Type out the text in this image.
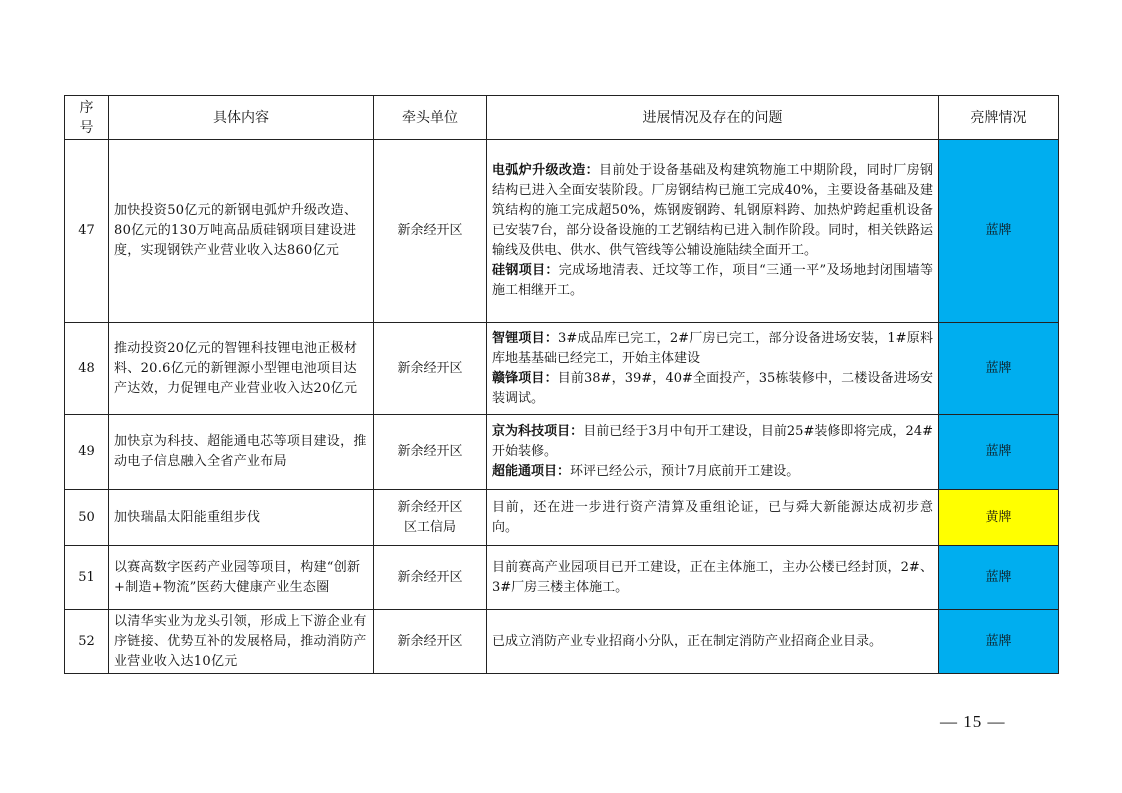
序号	具体内容	牵头单位	进展情况及存在的问题	亮牌情况
47	加快投资50亿元的新钢电弧炉升级改造、80亿元的130万吨高品质硅钢项目建设进度，实现钢铁产业营业收入达860亿元	新余经开区	电弧炉升级改造：目前处于设备基础及构建筑物施工中期阶段，同时厂房钢结构已进入全面安装阶段。厂房钢结构已施工完成40%，主要设备基础及建筑结构的施工完成超50%，炼钢废钢跨、轧钢原料跨、加热炉跨起重机设备已安装7台，部分设备设施的工艺钢结构已进入制作阶段。同时，相关铁路运输线及供电、供水、供气管线等公辅设施陆续全面开工。
硅钢项目：完成场地清表、迁坟等工作，项目“三通一平”及场地封闭围墙等施工相继开工。	蓝牌
48	推动投资20亿元的智锂科技锂电池正极材料、20.6亿元的新锂源小型锂电池项目达产达效，力促锂电产业营业收入达20亿元	新余经开区	智锂项目：3#成品库已完工，2#厂房已完工，部分设备进场安装，1#原料库地基基础已经完工，开始主体建设
赣锋项目：目前38#，39#，40#全面投产，35栋装修中，二楼设备进场安装调试。	蓝牌
49	加快京为科技、超能通电芯等项目建设，推动电子信息融入全省产业布局	新余经开区	京为科技项目：目前已经于3月中旬开工建设，目前25#装修即将完成，24#开始装修。
超能通项目：环评已经公示，预计7月底前开工建设。	蓝牌
50	加快瑞晶太阳能重组步伐	新余经开区
区工信局	目前，还在进一步进行资产清算及重组论证，已与舜大新能源达成初步意向。	黄牌
51	以赛高数字医药产业园等项目，构建“创新+制造+物流”医药大健康产业生态圈	新余经开区	目前赛高产业园项目已开工建设，正在主体施工，主办公楼已经封顶，2#、3#厂房三楼主体施工。	蓝牌
52	以清华实业为龙头引领，形成上下游企业有序链接、优势互补的发展格局，推动消防产业营业收入达10亿元	新余经开区	已成立消防产业专业招商小分队，正在制定消防产业招商企业目录。	蓝牌
— 15 —
